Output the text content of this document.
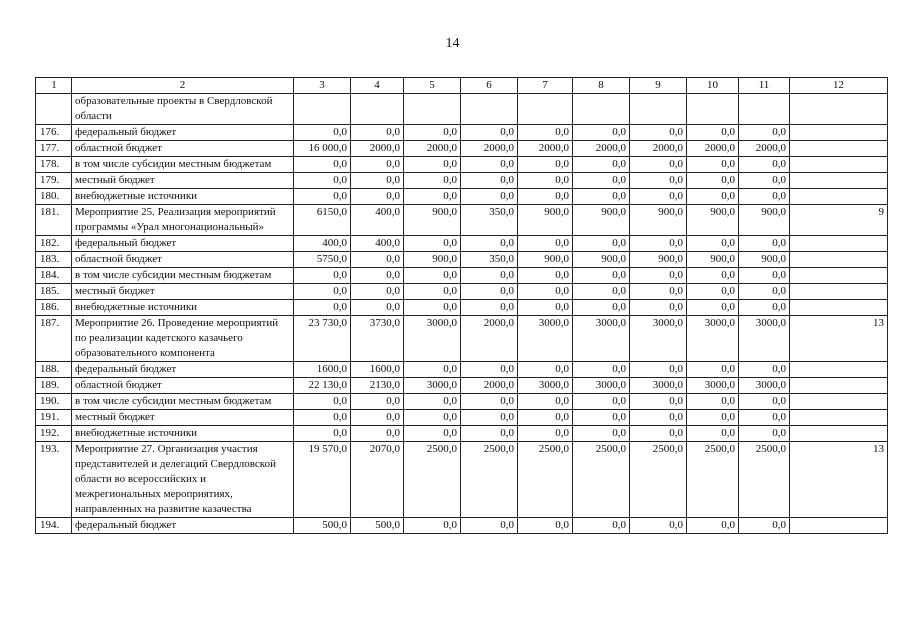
14
1	2	3	4	5	6	7	8	9	10	11	12
	образовательные проекты в Свердловской области										
176.	федеральный бюджет	0,0	0,0	0,0	0,0	0,0	0,0	0,0	0,0	0,0	
177.	областной бюджет	16 000,0	2000,0	2000,0	2000,0	2000,0	2000,0	2000,0	2000,0	2000,0	
178.	в том числе субсидии местным бюджетам	0,0	0,0	0,0	0,0	0,0	0,0	0,0	0,0	0,0	
179.	местный бюджет	0,0	0,0	0,0	0,0	0,0	0,0	0,0	0,0	0,0	
180.	внебюджетные источники	0,0	0,0	0,0	0,0	0,0	0,0	0,0	0,0	0,0	
181.	Мероприятие 25. Реализация мероприятий программы «Урал многонациональный»	6150,0	400,0	900,0	350,0	900,0	900,0	900,0	900,0	900,0	9
182.	федеральный бюджет	400,0	400,0	0,0	0,0	0,0	0,0	0,0	0,0	0,0	
183.	областной бюджет	5750,0	0,0	900,0	350,0	900,0	900,0	900,0	900,0	900,0	
184.	в том числе субсидии местным бюджетам	0,0	0,0	0,0	0,0	0,0	0,0	0,0	0,0	0,0	
185.	местный бюджет	0,0	0,0	0,0	0,0	0,0	0,0	0,0	0,0	0,0	
186.	внебюджетные источники	0,0	0,0	0,0	0,0	0,0	0,0	0,0	0,0	0,0	
187.	Мероприятие 26. Проведение мероприятий по реализации кадетского казачьего образовательного компонента	23 730,0	3730,0	3000,0	2000,0	3000,0	3000,0	3000,0	3000,0	3000,0	13
188.	федеральный бюджет	1600,0	1600,0	0,0	0,0	0,0	0,0	0,0	0,0	0,0	
189.	областной бюджет	22 130,0	2130,0	3000,0	2000,0	3000,0	3000,0	3000,0	3000,0	3000,0	
190.	в том числе субсидии местным бюджетам	0,0	0,0	0,0	0,0	0,0	0,0	0,0	0,0	0,0	
191.	местный бюджет	0,0	0,0	0,0	0,0	0,0	0,0	0,0	0,0	0,0	
192.	внебюджетные источники	0,0	0,0	0,0	0,0	0,0	0,0	0,0	0,0	0,0	
193.	Мероприятие 27. Организация участия представителей и делегаций Свердловской области во всероссийских и межрегиональных мероприятиях, направленных на развитие казачества	19 570,0	2070,0	2500,0	2500,0	2500,0	2500,0	2500,0	2500,0	2500,0	13
194.	федеральный бюджет	500,0	500,0	0,0	0,0	0,0	0,0	0,0	0,0	0,0	
